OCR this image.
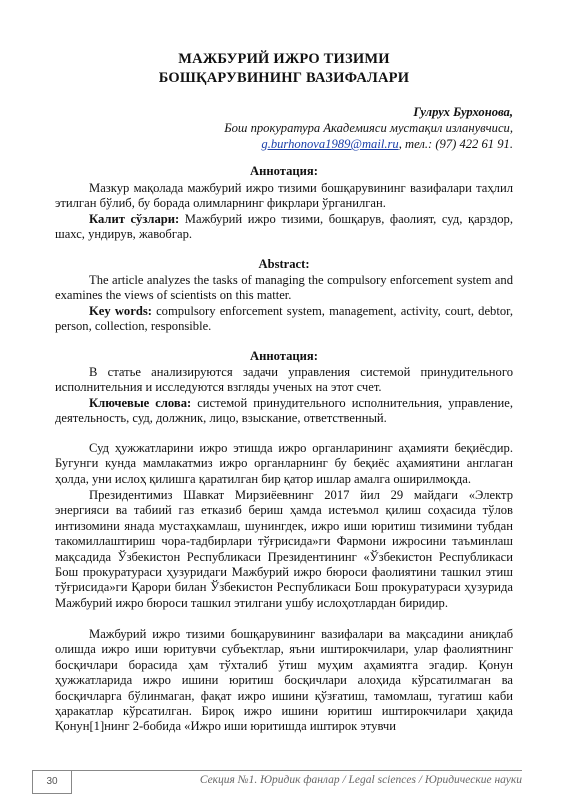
МАЖБУРИЙ ИЖРО ТИЗИМИ
БОШҚАРУВИНИНГ ВАЗИФАЛАРИ
Гулрух Бурхонова,
Бош прокуратура Академияси мустақил изланувчиси,
g.burhonova1989@mail.ru, тел.: (97) 422 61 91.
Аннотация:

Мазкур мақолада мажбурий ижро тизими бошқарувининг вазифалари таҳлил этилган бўлиб, бу борада олимларнинг фикрлари ўрганилган.

Калит сўзлари: Мажбурий ижро тизими, бошқарув, фаолият, суд, қарздор, шахс, ундирув, жавобгар.

Abstract:

The article analyzes the tasks of managing the compulsory enforcement system and examines the views of scientists on this matter.

Key words: compulsory enforcement system, management, activity, court, debtor, person, collection, responsible.

Аннотация:

В статье анализируются задачи управления системой принудительного исполнительния и исследуются взгляды ученых на этот счет.

Ключевые слова: системой принудительного исполнительния, управление, деятельность, суд, должник, лицо, взыскание, ответственный.

Суд ҳужжатларини ижро этишда ижро органларининг аҳамияти беқиёсдир. Бугунги кунда мамлакатмиз ижро органларнинг бу беқиёс аҳамиятини англаган ҳолда, уни ислоҳ қилишга қаратилган бир қатор ишлар амалга оширилмоқда.

Президентимиз Шавкат Мирзиёевнинг 2017 йил 29 майдаги «Электр энергияси ва табиий газ етказиб бериш ҳамда истеъмол қилиш соҳасида тўлов интизомини янада мустаҳкамлаш, шунингдек, ижро иши юритиш тизимини тубдан такомиллаштириш чора-тадбирлари тўғрисида»ги Фармони ижросини таъминлаш мақсадида Ўзбекистон Республикаси Президентининг «Ўзбекистон Республикаси Бош прокуратураси ҳузуридаги Мажбурий ижро бюроси фаолиятини ташкил этиш тўғрисида»ги Қарори билан Ўзбекистон Республикаси Бош прокуратураси ҳузурида Мажбурий ижро бюроси ташкил этилгани ушбу ислоҳотлардан биридир.

Мажбурий ижро тизими бошқарувининг вазифалари ва мақсадини аниқлаб олишда ижро иши юритувчи субъектлар, яъни иштирокчилари, улар фаолиятнинг босқичлари борасида ҳам тўхталиб ўтиш муҳим аҳамиятга эгадир. Қонун ҳужжатларида ижро ишини юритиш босқичлари алоҳида кўрсатилмаган ва босқичларга бўлинмаган, фақат ижро ишини қўзғатиш, тамомлаш, тугатиш каби ҳаракатлар кўрсатилган. Бироқ ижро ишини юритиш иштирокчилари ҳақида Қонун[1]нинг 2-бобида «Ижро иши юритишда иштирок этувчи

30	Секция №1. Юридик фанлар / Legal sciences / Юридические науки
